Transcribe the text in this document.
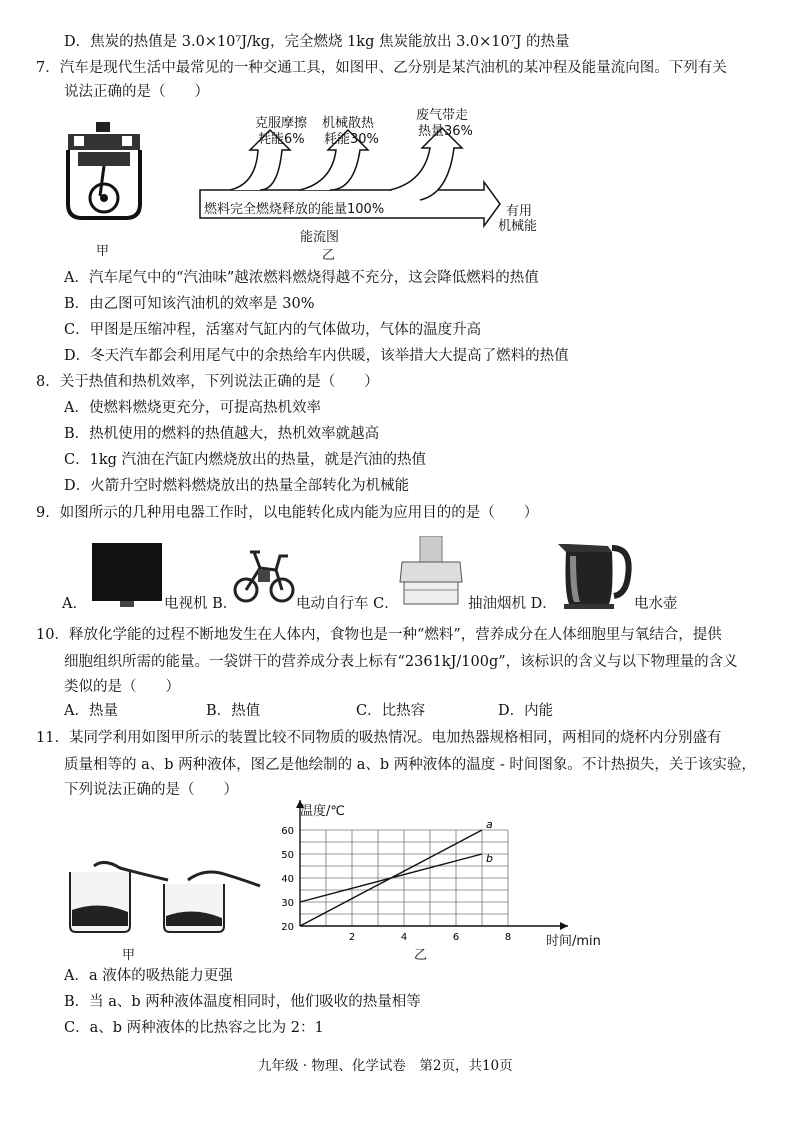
D．焦炭的热值是 3.0×10⁷J/kg，完全燃烧 1kg 焦炭能放出 3.0×10⁷J 的热量
7．汽车是现代生活中最常见的一种交通工具，如图甲、乙分别是某汽油机的某冲程及能量流向图。下列有关
说法正确的是（　　）
甲
克服摩擦
耗能6%
机械散热
耗能30%
废气带走
热量36%
燃料完全燃烧释放的能量100%	有用
机械能
能流图
乙
A．汽车尾气中的“汽油味”越浓燃料燃烧得越不充分，这会降低燃料的热值
B．由乙图可知该汽油机的效率是 30%
C．甲图是压缩冲程，活塞对气缸内的气体做功，气体的温度升高
D．冬天汽车都会利用尾气中的余热给车内供暖，该举措大大提高了燃料的热值
8．关于热值和热机效率，下列说法正确的是（　　）
A．使燃料燃烧更充分，可提高热机效率
B．热机使用的燃料的热值越大，热机效率就越高
C．1kg 汽油在汽缸内燃烧放出的热量，就是汽油的热值
D．火箭升空时燃料燃烧放出的热量全部转化为机械能
9．如图所示的几种用电器工作时，以电能转化成内能为应用目的的是（　　）
A．	电视机 B．	电动自行车 C．	抽油烟机 D．	电水壶
10．释放化学能的过程不断地发生在人体内，食物也是一种“燃料”，营养成分在人体细胞里与氧结合，提供
细胞组织所需的能量。一袋饼干的营养成分表上标有“2361kJ/100g”，该标识的含义与以下物理量的含义
类似的是（　　）
A．热量	B．热值	C．比热容	D．内能
11．某同学利用如图甲所示的装置比较不同物质的吸热情况。电加热器规格相同，两相同的烧杯内分别盛有
质量相等的 a、b 两种液体，图乙是他绘制的 a、b 两种液体的温度 - 时间图象。不计热损失，关于该实验，
下列说法正确的是（　　）
甲
2	4	6	8
20
30
40
50
60
a
b
温度/℃
时间/min
乙
A．a 液体的吸热能力更强
B．当 a、b 两种液体温度相同时，他们吸收的热量相等
C．a、b 两种液体的比热容之比为 2：1
九年级 · 物理、化学试卷　第2页，共10页
